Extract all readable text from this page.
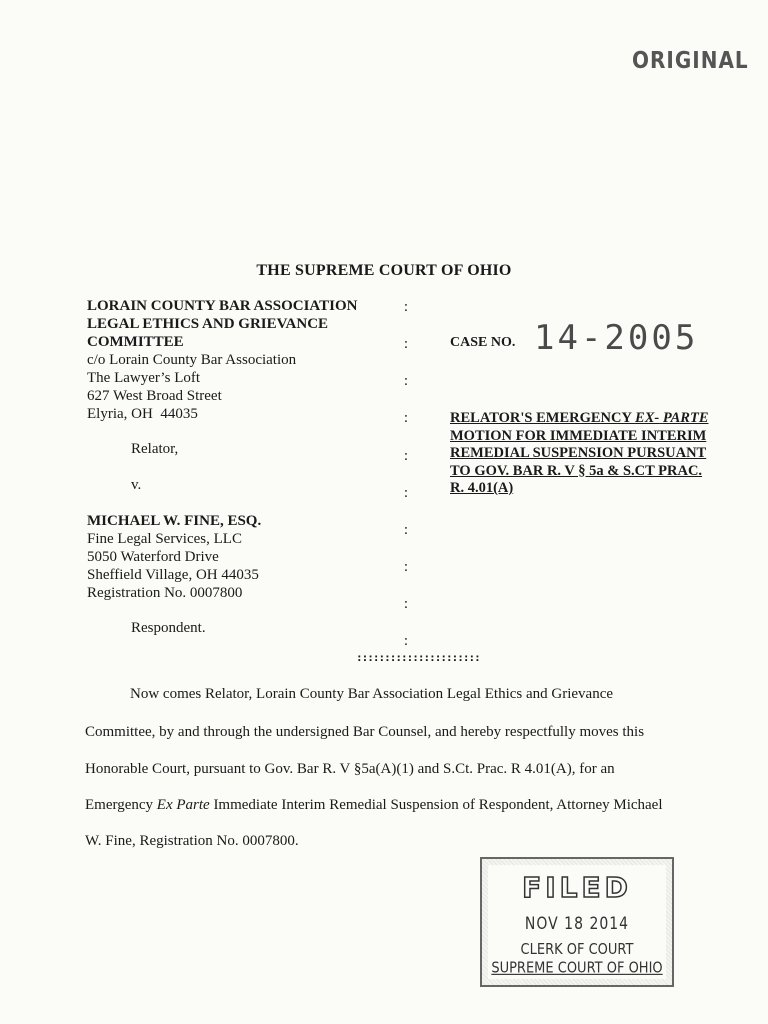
ORIGINAL
THE SUPREME COURT OF OHIO
LORAIN COUNTY BAR ASSOCIATION
LEGAL ETHICS AND GRIEVANCE
COMMITTEE
c/o Lorain County Bar Association
The Lawyer’s Loft
627 West Broad Street
Elyria, OH  44035
Relator,
v.
MICHAEL W. FINE, ESQ.
Fine Legal Services, LLC
5050 Waterford Drive
Sheffield Village, OH 44035
Registration No. 0007800
Respondent.
:
:
:
:
:
:
:
:
:
:
CASE NO. 14-2005
RELATOR'S EMERGENCY EX- PARTE MOTION FOR IMMEDIATE INTERIM REMEDIAL SUSPENSION PURSUANT TO GOV. BAR R. V § 5a & S.CT PRAC. R. 4.01(A)
::::::::::::::::::::::
Now comes Relator, Lorain County Bar Association Legal Ethics and Grievance
Committee, by and through the undersigned Bar Counsel, and hereby respectfully moves this
Honorable Court, pursuant to Gov. Bar R. V §5a(A)(1) and S.Ct. Prac. R 4.01(A), for an
Emergency Ex Parte Immediate Interim Remedial Suspension of Respondent, Attorney Michael
W. Fine, Registration No. 0007800.
FILED
NOV 18 2014
CLERK OF COURT
SUPREME COURT OF OHIO
